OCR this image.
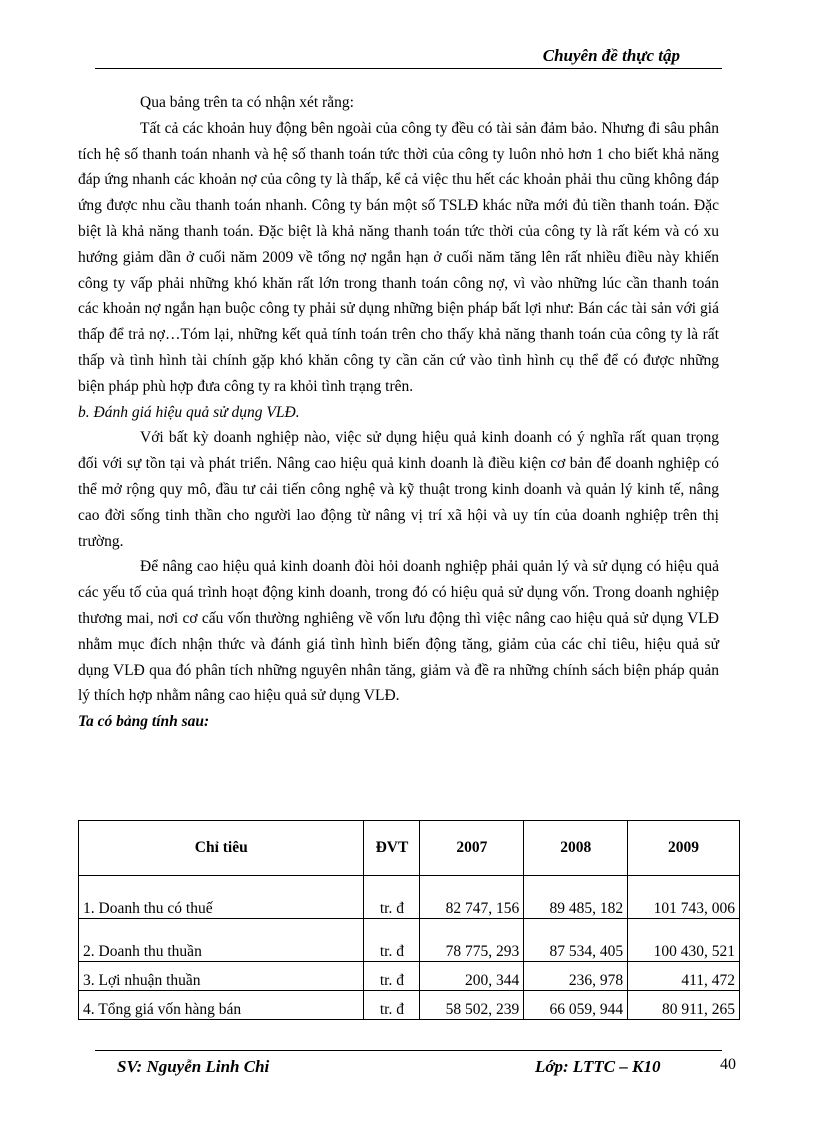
Chuyên đề thực tập

Qua bảng trên ta có nhận xét rằng:

Tất cả các khoản huy động bên ngoài của công ty đều có tài sản đảm bảo. Nhưng đi sâu phân tích hệ số thanh toán nhanh và hệ số thanh toán tức thời của công ty luôn nhỏ hơn 1 cho biết khả năng đáp ứng nhanh các khoản nợ của công ty là thấp, kể cả việc thu hết các khoản phải thu cũng không đáp ứng được nhu cầu thanh toán nhanh. Công ty bán một số TSLĐ khác nữa mới đủ tiền thanh toán. Đặc biệt là khả năng thanh toán. Đặc biệt là khả năng thanh toán tức thời của công ty là rất kém và có xu hướng giảm dần ở cuối năm 2009 về tổng nợ ngắn hạn ở cuối năm tăng lên rất nhiều điều này khiến công ty vấp phải những khó khăn rất lớn trong thanh toán công nợ, vì vào những lúc cần thanh toán các khoản nợ ngắn hạn buộc công ty phải sử dụng những biện pháp bất lợi như: Bán các tài sản với giá thấp để trả nợ…Tóm lại, những kết quả tính toán trên cho thấy khả năng thanh toán của công ty là rất thấp và tình hình tài chính gặp khó khăn công ty cần căn cứ vào tình hình cụ thể để có được những biện pháp phù hợp đưa công ty ra khỏi tình trạng trên.

b. Đánh giá hiệu quả sử dụng VLĐ.

Với bất kỳ doanh nghiệp nào, việc sử dụng hiệu quả kinh doanh có ý nghĩa rất quan trọng đối với sự tồn tại và phát triển. Nâng cao hiệu quả kinh doanh là điều kiện cơ bản để doanh nghiệp có thể mở rộng quy mô, đầu tư cải tiến công nghệ và kỹ thuật trong kinh doanh và quản lý kinh tế, nâng cao đời sống tinh thần cho người lao động từ nâng vị trí xã hội và uy tín của doanh nghiệp trên thị trường.

Để nâng cao hiệu quả kinh doanh đòi hỏi doanh nghiệp phải quản lý và sử dụng có hiệu quả các yếu tố của quá trình hoạt động kinh doanh, trong đó có hiệu quả sử dụng vốn. Trong doanh nghiệp thương mai, nơi cơ cấu vốn thường nghiêng về vốn lưu động thì việc nâng cao hiệu quả sử dụng VLĐ nhằm mục đích nhận thức và đánh giá tình hình biến động tăng, giảm của các chỉ tiêu, hiệu quả sử dụng VLĐ qua đó phân tích những nguyên nhân tăng, giảm và đề ra những chính sách biện pháp quản lý thích hợp nhằm nâng cao hiệu quả sử dụng VLĐ.

Ta có bảng tính sau:

Chỉ tiêu	ĐVT	2007	2008	2009
1. Doanh thu có thuế	tr. đ	82 747, 156	89 485, 182	101 743, 006
2. Doanh thu thuần	tr. đ	78 775, 293	87 534, 405	100 430, 521
3. Lợi nhuận thuần	tr. đ	200, 344	236, 978	411, 472
4. Tổng giá vốn hàng bán	tr. đ	58 502, 239	66 059, 944	80 911, 265
SV: Nguyễn Linh Chi	Lớp: LTTC – K10	40
